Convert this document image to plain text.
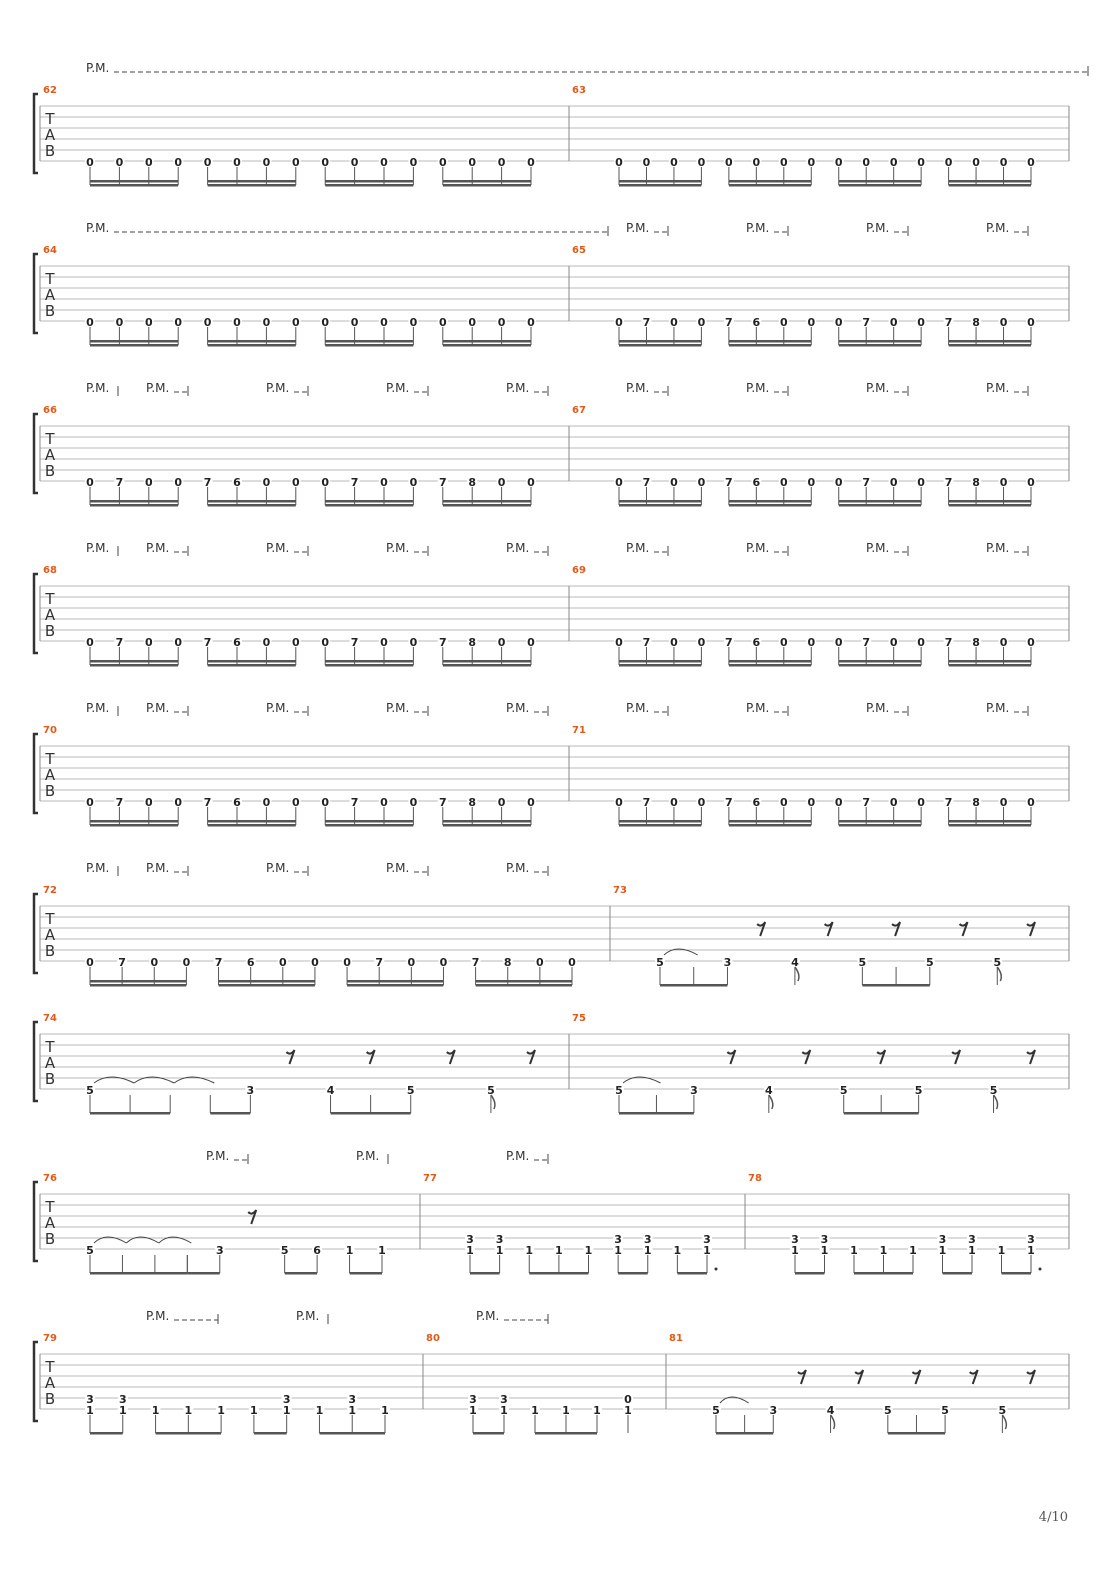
T
A
B
P.M.
62
0 0 0 0 0 0 0 0 0 0 0 0 0 0 0 0
63
0 0 0 0 0 0 0 0 0 0 0 0 0 0 0 0
T
A
B
P.M.	P.M.	P.M.	P.M.	P.M.
64
0 0 0 0 0 0 0 0 0 0 0 0 0 0 0 0
65
0 7 0 0 7 6 0 0 0 7 0 0 7 8 0 0
T
A
B
P.M.	P.M.	P.M.	P.M.	P.M.	P.M.	P.M.	P.M.	P.M.
66
0 7 0 0 7 6 0 0 0 7 0 0 7 8 0 0
67
0 7 0 0 7 6 0 0 0 7 0 0 7 8 0 0
T
A
B
P.M.	P.M.	P.M.	P.M.	P.M.	P.M.	P.M.	P.M.	P.M.
68
0 7 0 0 7 6 0 0 0 7 0 0 7 8 0 0
69
0 7 0 0 7 6 0 0 0 7 0 0 7 8 0 0
T
A
B
P.M.	P.M.	P.M.	P.M.	P.M.	P.M.	P.M.	P.M.	P.M.
70
0 7 0 0 7 6 0 0 0 7 0 0 7 8 0 0
71
0 7 0 0 7 6 0 0 0 7 0 0 7 8 0 0
T
A
B
P.M.	P.M.	P.M.	P.M.	P.M.
72
0 7 0 0 7 6 0 0 0 7 0 0 7 8 0 0
73
5	3	4	5	5	5
T
A
B
74
5	3	4	5	5
75
5	3	4	5	5	5
T
A
B
P.M.	P.M.	P.M.
76
5	3	5 6 1 1
77
1
3
1
3
1 1 1 1
3
1
3
1 1
3
78
1
3
1
3
1 1 1 1
3
1
3
1 1
3
T
A
B
P.M.	P.M.	P.M.
79
1
3
1
3
1 1 1 1 1
3
1 1
3
1
80
1
3
1
3
1 1 1 1
0
81
5	3	4	5	5	5
4/10
